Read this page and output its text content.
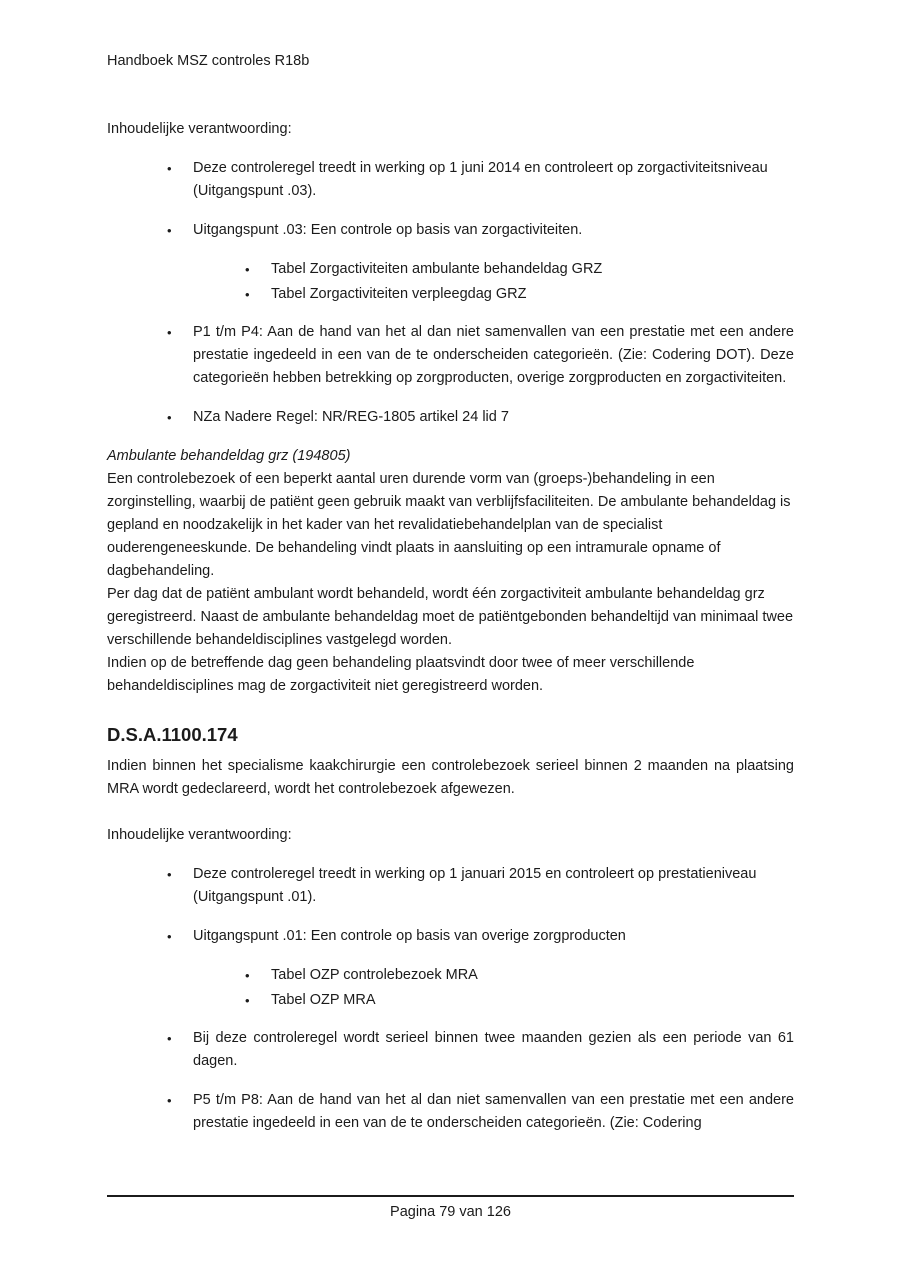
Handboek MSZ controles R18b
Inhoudelijke verantwoording:
•	Deze controleregel treedt in werking op 1 juni 2014 en controleert op zorgactiviteitsniveau (Uitgangspunt .03).
•	Uitgangspunt .03: Een controle op basis van zorgactiviteiten.
•	Tabel Zorgactiviteiten ambulante behandeldag GRZ
•	Tabel Zorgactiviteiten verpleegdag GRZ
•	P1 t/m P4: Aan de hand van het al dan niet samenvallen van een prestatie met een andere prestatie ingedeeld in een van de te onderscheiden categorieën. (Zie: Codering DOT). Deze categorieën hebben betrekking op zorgproducten, overige zorgproducten en zorgactiviteiten.
•	NZa Nadere Regel: NR/REG-1805 artikel 24 lid 7
Ambulante behandeldag grz (194805)

Een controlebezoek of een beperkt aantal uren durende vorm van (groeps-)behandeling in een zorginstelling, waarbij de patiënt geen gebruik maakt van verblijfsfaciliteiten. De ambulante behandeldag is gepland en noodzakelijk in het kader van het revalidatiebehandelplan van de specialist ouderengeneeskunde. De behandeling vindt plaats in aansluiting op een intramurale opname of dagbehandeling.

Per dag dat de patiënt ambulant wordt behandeld, wordt één zorgactiviteit ambulante behandeldag grz geregistreerd. Naast de ambulante behandeldag moet de patiëntgebonden behandeltijd van minimaal twee verschillende behandeldisciplines vastgelegd worden.

Indien op de betreffende dag geen behandeling plaatsvindt door twee of meer verschillende behandeldisciplines mag de zorgactiviteit niet geregistreerd worden.

D.S.A.1100.174

Indien binnen het specialisme kaakchirurgie een controlebezoek serieel binnen 2 maanden na plaatsing MRA wordt gedeclareerd, wordt het controlebezoek afgewezen.

Inhoudelijke verantwoording:
•	Deze controleregel treedt in werking op 1 januari 2015 en controleert op prestatieniveau (Uitgangspunt .01).
•	Uitgangspunt .01: Een controle op basis van overige zorgproducten
•	Tabel OZP controlebezoek MRA
•	Tabel OZP MRA
•	Bij deze controleregel wordt serieel binnen twee maanden gezien als een periode van 61 dagen.
•	P5 t/m P8: Aan de hand van het al dan niet samenvallen van een prestatie met een andere prestatie ingedeeld in een van de te onderscheiden categorieën. (Zie: Codering
Pagina 79 van 126
